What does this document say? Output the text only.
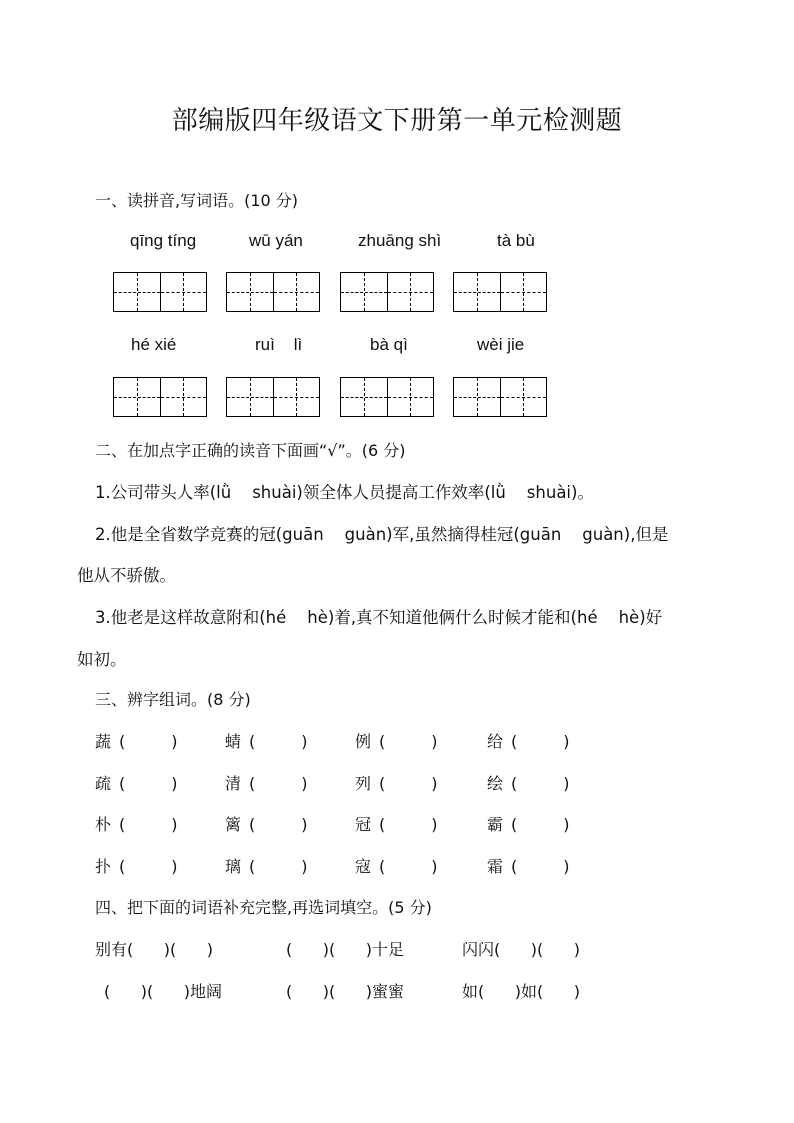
部编版四年级语文下册第一单元检测题
一、读拼音,写词语。(10 分)
qīng tíng	wū yán	zhuāng shì	tà bù
hé xié	ruì    lì	bà qì	wèi jie
二、在加点字正确的读音下面画“√”。(6 分)
1.公司带头人率(lǜ    shuài)领全体人员提高工作效率(lǜ    shuài)。
2.他是全省数学竞赛的冠(guān    guàn)军,虽然摘得桂冠(guān    guàn),但是
他从不骄傲。
3.他老是这样故意附和(hé    hè)着,真不知道他俩什么时候才能和(hé    hè)好
如初。
三、辨字组词。(8 分)
蔬 (	)	蜻 (	)	例 (	)	给 (	)
疏 (	)	清 (	)	列 (	)	绘 (	)
朴 (	)	篱 (	)	冠 (	)	霸 (	)
扑 (	)	璃 (	)	寇 (	)	霜 (	)
四、把下面的词语补充完整,再选词填空。(5 分)
别有(      )(      )	(      )(      )十足	闪闪(      )(      )
(      )(      )地阔	(      )(      )蜜蜜	如(      )如(      )
